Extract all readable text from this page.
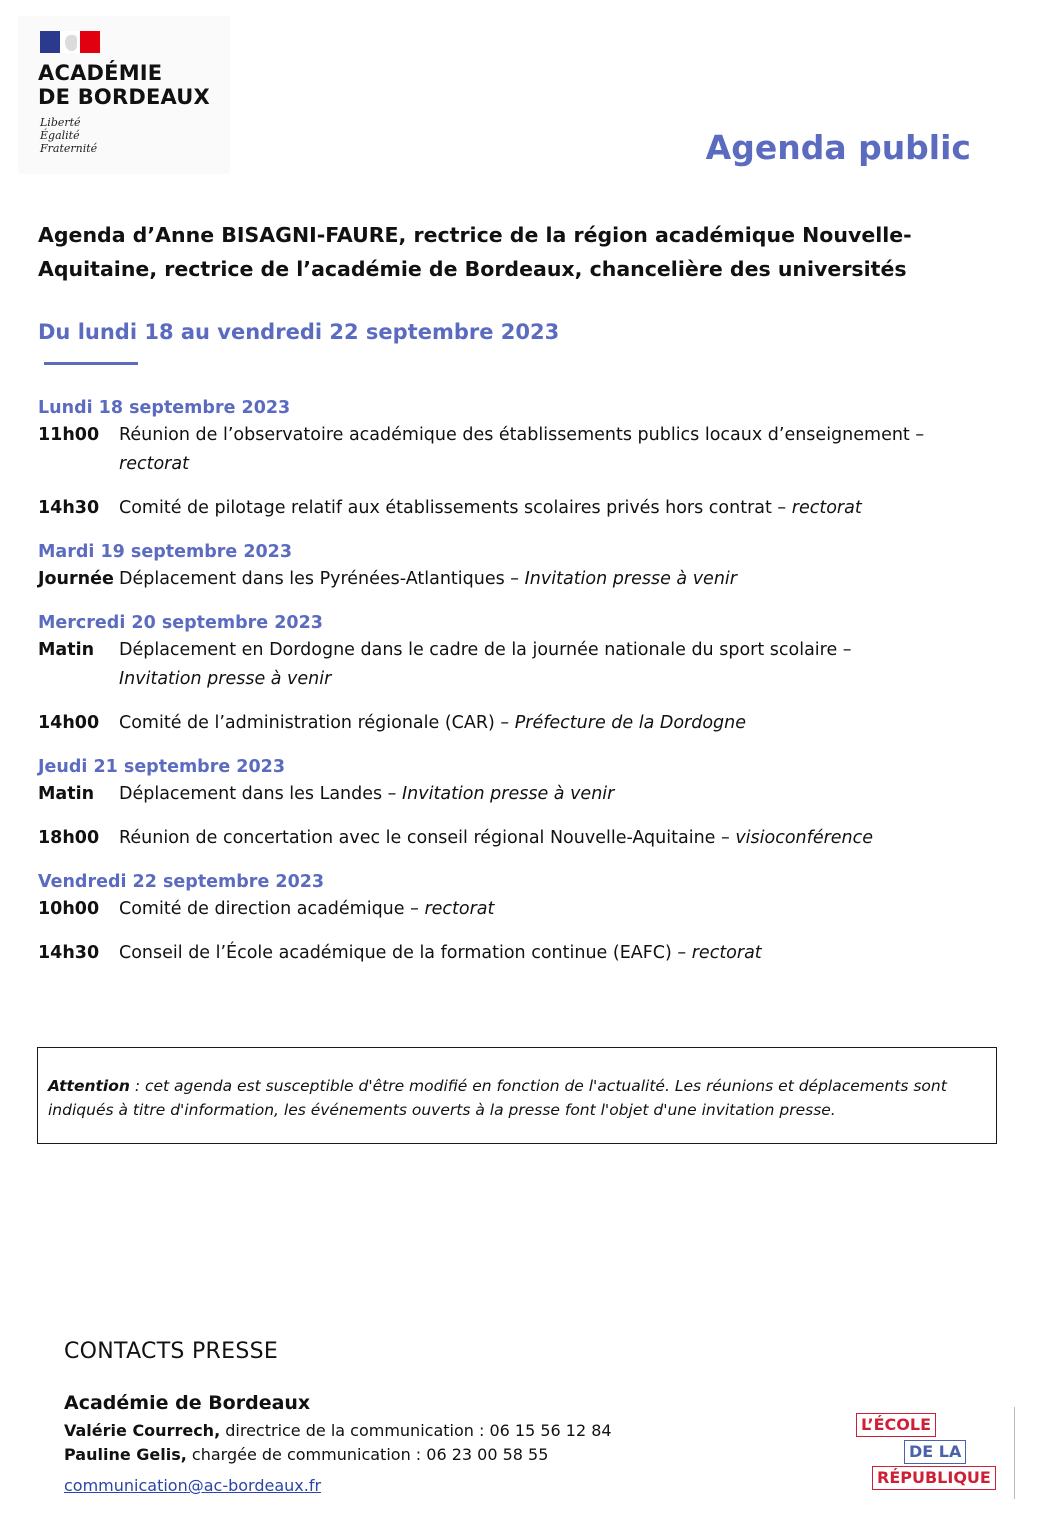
ACADÉMIE
DE BORDEAUX
Liberté
Égalité
Fraternité	Agenda public
Agenda d’Anne BISAGNI-FAURE, rectrice de la région académique Nouvelle-
Aquitaine, rectrice de l’académie de Bordeaux, chancelière des universités
Du lundi 18 au vendredi 22 septembre 2023
Lundi 18 septembre 2023
11h00	Réunion de l’observatoire académique des établissements publics locaux d’enseignement –
rectorat
14h30	Comité de pilotage relatif aux établissements scolaires privés hors contrat – rectorat
Mardi 19 septembre 2023
Journée Déplacement dans les Pyrénées-Atlantiques – Invitation presse à venir
Mercredi 20 septembre 2023
Matin	Déplacement en Dordogne dans le cadre de la journée nationale du sport scolaire –
Invitation presse à venir
14h00	Comité de l’administration régionale (CAR) – Préfecture de la Dordogne
Jeudi 21 septembre 2023
Matin	Déplacement dans les Landes – Invitation presse à venir
18h00	Réunion de concertation avec le conseil régional Nouvelle-Aquitaine – visioconférence
Vendredi 22 septembre 2023
10h00	Comité de direction académique – rectorat
14h30	Conseil de l’École académique de la formation continue (EAFC) – rectorat
Attention : cet agenda est susceptible d'être modifié en fonction de l'actualité. Les réunions et déplacements sont indiqués à titre d'information, les événements ouverts à la presse font l'objet d'une invitation presse.
CONTACTS PRESSE
Académie de Bordeaux
Valérie Courrech, directrice de la communication : 06 15 56 12 84
Pauline Gelis, chargée de communication : 06 23 00 58 55
communication@ac-bordeaux.fr
L’ÉCOLE
DE LA
RÉPUBLIQUE
